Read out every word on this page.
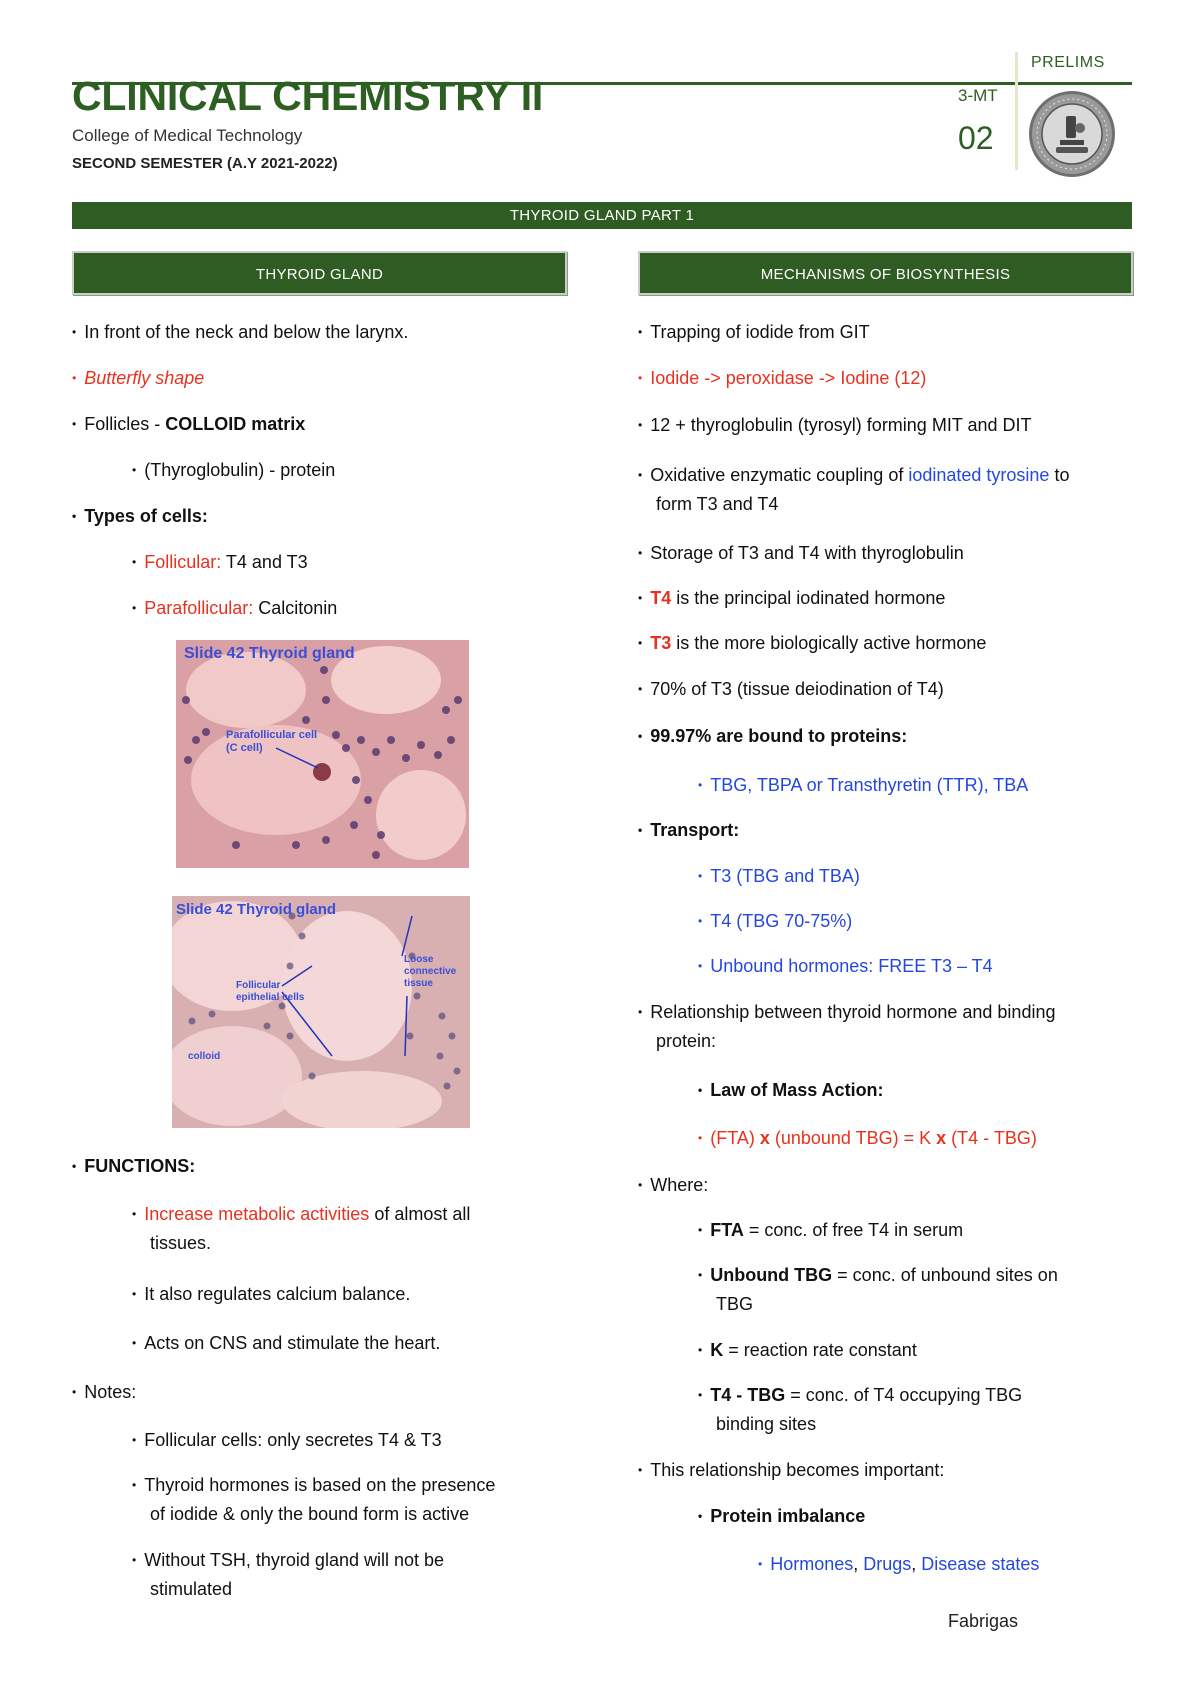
CLINICAL CHEMISTRY II
College of Medical Technology
SECOND SEMESTER (A.Y 2021-2022)
PRELIMS
3-MT
02
THYROID GLAND PART 1
THYROID GLAND	MECHANISMS OF BIOSYNTHESIS
• In front of the neck and below the larynx.
• Butterfly shape
• Follicles - COLLOID matrix
• (Thyroglobulin) - protein
• Types of cells:
• Follicular: T4 and T3
• Parafollicular: Calcitonin
Slide 42 Thyroid gland
Parafollicular cell
(C cell)
Slide 42 Thyroid gland
Follicular
epithelial cells
colloid
Loose
connective
tissue
• FUNCTIONS:
• Increase metabolic activities of almost all
tissues.
• It also regulates calcium balance.
• Acts on CNS and stimulate the heart.
• Notes:
• Follicular cells: only secretes T4 & T3
• Thyroid hormones is based on the presence
of iodide & only the bound form is active
• Without TSH, thyroid gland will not be
stimulated
• Trapping of iodide from GIT
• Iodide -> peroxidase -> Iodine (12)
• 12 + thyroglobulin (tyrosyl) forming MIT and DIT
• Oxidative enzymatic coupling of iodinated tyrosine to
form T3 and T4
• Storage of T3 and T4 with thyroglobulin
• T4 is the principal iodinated hormone
• T3 is the more biologically active hormone
• 70% of T3 (tissue deiodination of T4)
• 99.97% are bound to proteins:
• TBG, TBPA or Transthyretin (TTR), TBA
• Transport:
• T3 (TBG and TBA)
• T4 (TBG 70-75%)
• Unbound hormones: FREE T3 – T4
• Relationship between thyroid hormone and binding
protein:
• Law of Mass Action:
• (FTA) x (unbound TBG) = K x (T4 - TBG)
• Where:
• FTA = conc. of free T4 in serum
• Unbound TBG = conc. of unbound sites on
TBG
• K = reaction rate constant
• T4 - TBG = conc. of T4 occupying TBG
binding sites
• This relationship becomes important:
• Protein imbalance
• Hormones, Drugs, Disease states
Fabrigas
